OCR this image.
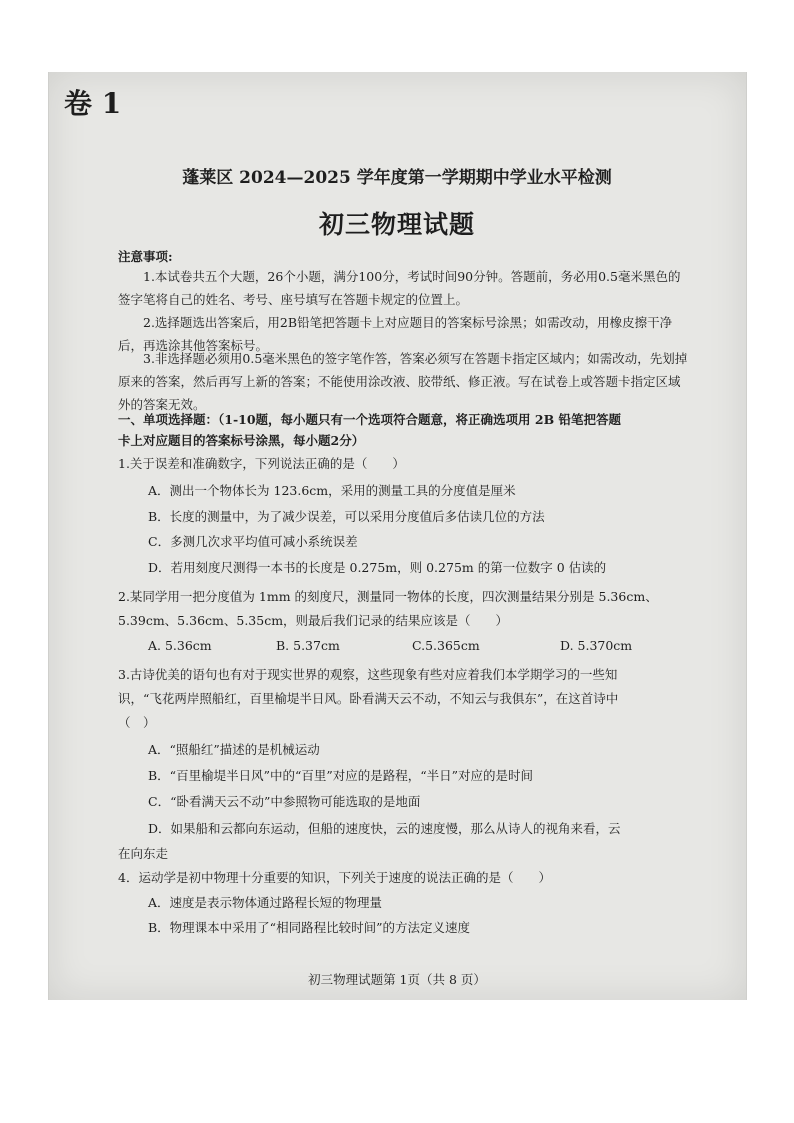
卷 1
蓬莱区 2024—2025 学年度第一学期期中学业水平检测
初三物理试题
注意事项:
1.本试卷共五个大题，26个小题，满分100分，考试时间90分钟。答题前，务必用0.5毫米黑色的签字笔将自己的姓名、考号、座号填写在答题卡规定的位置上。
2.选择题选出答案后，用2B铅笔把答题卡上对应题目的答案标号涂黑；如需改动，用橡皮擦干净后，再选涂其他答案标号。
3.非选择题必须用0.5毫米黑色的签字笔作答，答案必须写在答题卡指定区域内；如需改动，先划掉原来的答案，然后再写上新的答案；不能使用涂改液、胶带纸、修正液。写在试卷上或答题卡指定区域外的答案无效。
一、单项选择题：（1-10题，每小题只有一个选项符合题意，将正确选项用 2B 铅笔把答题
卡上对应题目的答案标号涂黑，每小题2分）
1.关于误差和准确数字，下列说法正确的是（　　）
A．测出一个物体长为 123.6cm，采用的测量工具的分度值是厘米
B．长度的测量中，为了减少误差，可以采用分度值后多估读几位的方法
C．多测几次求平均值可减小系统误差
D．若用刻度尺测得一本书的长度是 0.275m，则 0.275m 的第一位数字 0 估读的
2.某同学用一把分度值为 1mm 的刻度尺，测量同一物体的长度，四次测量结果分别是 5.36cm、
5.39cm、5.36cm、5.35cm，则最后我们记录的结果应该是（　　）
A. 5.36cm	B. 5.37cm	C.5.365cm	D. 5.370cm
3.古诗优美的语句也有对于现实世界的观察，这些现象有些对应着我们本学期学习的一些知
识，“飞花两岸照船红，百里榆堤半日风。卧看满天云不动，不知云与我俱东”，在这首诗中
（　）
A．“照船红”描述的是机械运动
B．“百里榆堤半日风”中的“百里”对应的是路程，“半日”对应的是时间
C．“卧看满天云不动”中参照物可能选取的是地面
D．如果船和云都向东运动，但船的速度快，云的速度慢，那么从诗人的视角来看，云
在向东走
4．运动学是初中物理十分重要的知识，下列关于速度的说法正确的是（　　）
A．速度是表示物体通过路程长短的物理量
B．物理课本中采用了“相同路程比较时间”的方法定义速度
初三物理试题第 1页（共 8 页）
